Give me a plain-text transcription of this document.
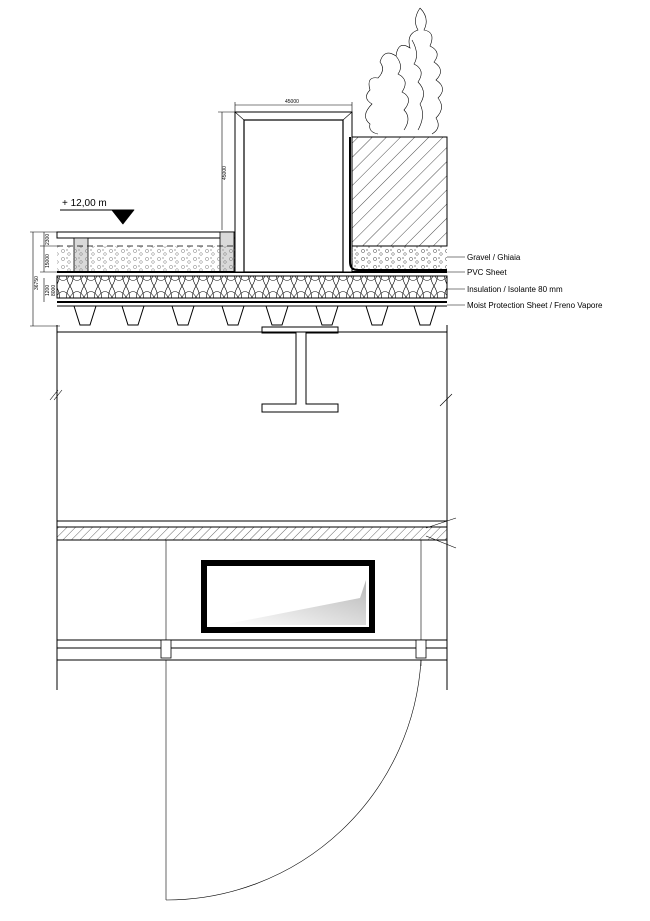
+ 12,00 m
2300
15000
36750
1200 8000
45000
45000
Gravel / Ghiaia
PVC Sheet
Insulation / Isolante 80 mm
Moist Protection Sheet / Freno Vapore
